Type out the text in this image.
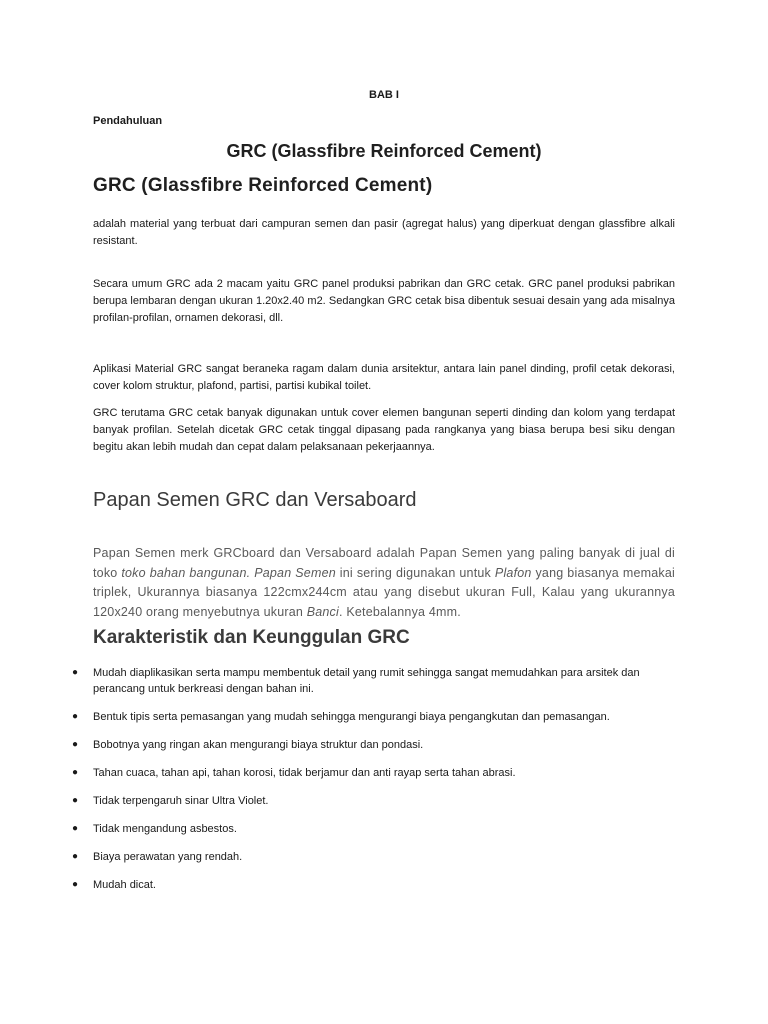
BAB I

Pendahuluan

GRC (Glassfibre Reinforced Cement)
GRC (Glassfibre Reinforced Cement)

adalah material yang terbuat dari campuran semen dan pasir (agregat halus) yang diperkuat dengan glassfibre alkali resistant.

Secara umum GRC ada 2 macam yaitu GRC panel produksi pabrikan dan GRC cetak. GRC panel produksi pabrikan berupa lembaran dengan ukuran 1.20x2.40 m2. Sedangkan GRC cetak bisa dibentuk sesuai desain yang ada misalnya profilan-profilan, ornamen dekorasi, dll.

Aplikasi Material GRC sangat beraneka ragam dalam dunia arsitektur, antara lain panel dinding, profil cetak dekorasi, cover kolom struktur, plafond, partisi, partisi kubikal toilet.

GRC terutama GRC cetak banyak digunakan untuk cover elemen bangunan seperti dinding dan kolom yang terdapat banyak profilan. Setelah dicetak GRC cetak tinggal dipasang pada rangkanya yang biasa berupa besi siku dengan begitu akan lebih mudah dan cepat dalam pelaksanaan pekerjaannya.

Papan Semen GRC dan Versaboard

Papan Semen merk GRCboard dan Versaboard adalah Papan Semen yang paling banyak di jual di toko toko bahan bangunan. Papan Semen ini sering digunakan untuk Plafon yang biasanya memakai triplek, Ukurannya biasanya 122cmx244cm atau yang disebut ukuran Full, Kalau yang ukurannya 120x240 orang menyebutnya ukuran Banci. Ketebalannya 4mm.

Karakteristik dan Keunggulan GRC
● Mudah diaplikasikan serta mampu membentuk detail yang rumit sehingga sangat memudahkan para arsitek dan perancang untuk berkreasi dengan bahan ini.
● Bentuk tipis serta pemasangan yang mudah sehingga mengurangi biaya pengangkutan dan pemasangan.
● Bobotnya yang ringan akan mengurangi biaya struktur dan pondasi.
● Tahan cuaca, tahan api, tahan korosi, tidak berjamur dan anti rayap serta tahan abrasi.
● Tidak terpengaruh sinar Ultra Violet.
● Tidak mengandung asbestos.
● Biaya perawatan yang rendah.
● Mudah dicat.
